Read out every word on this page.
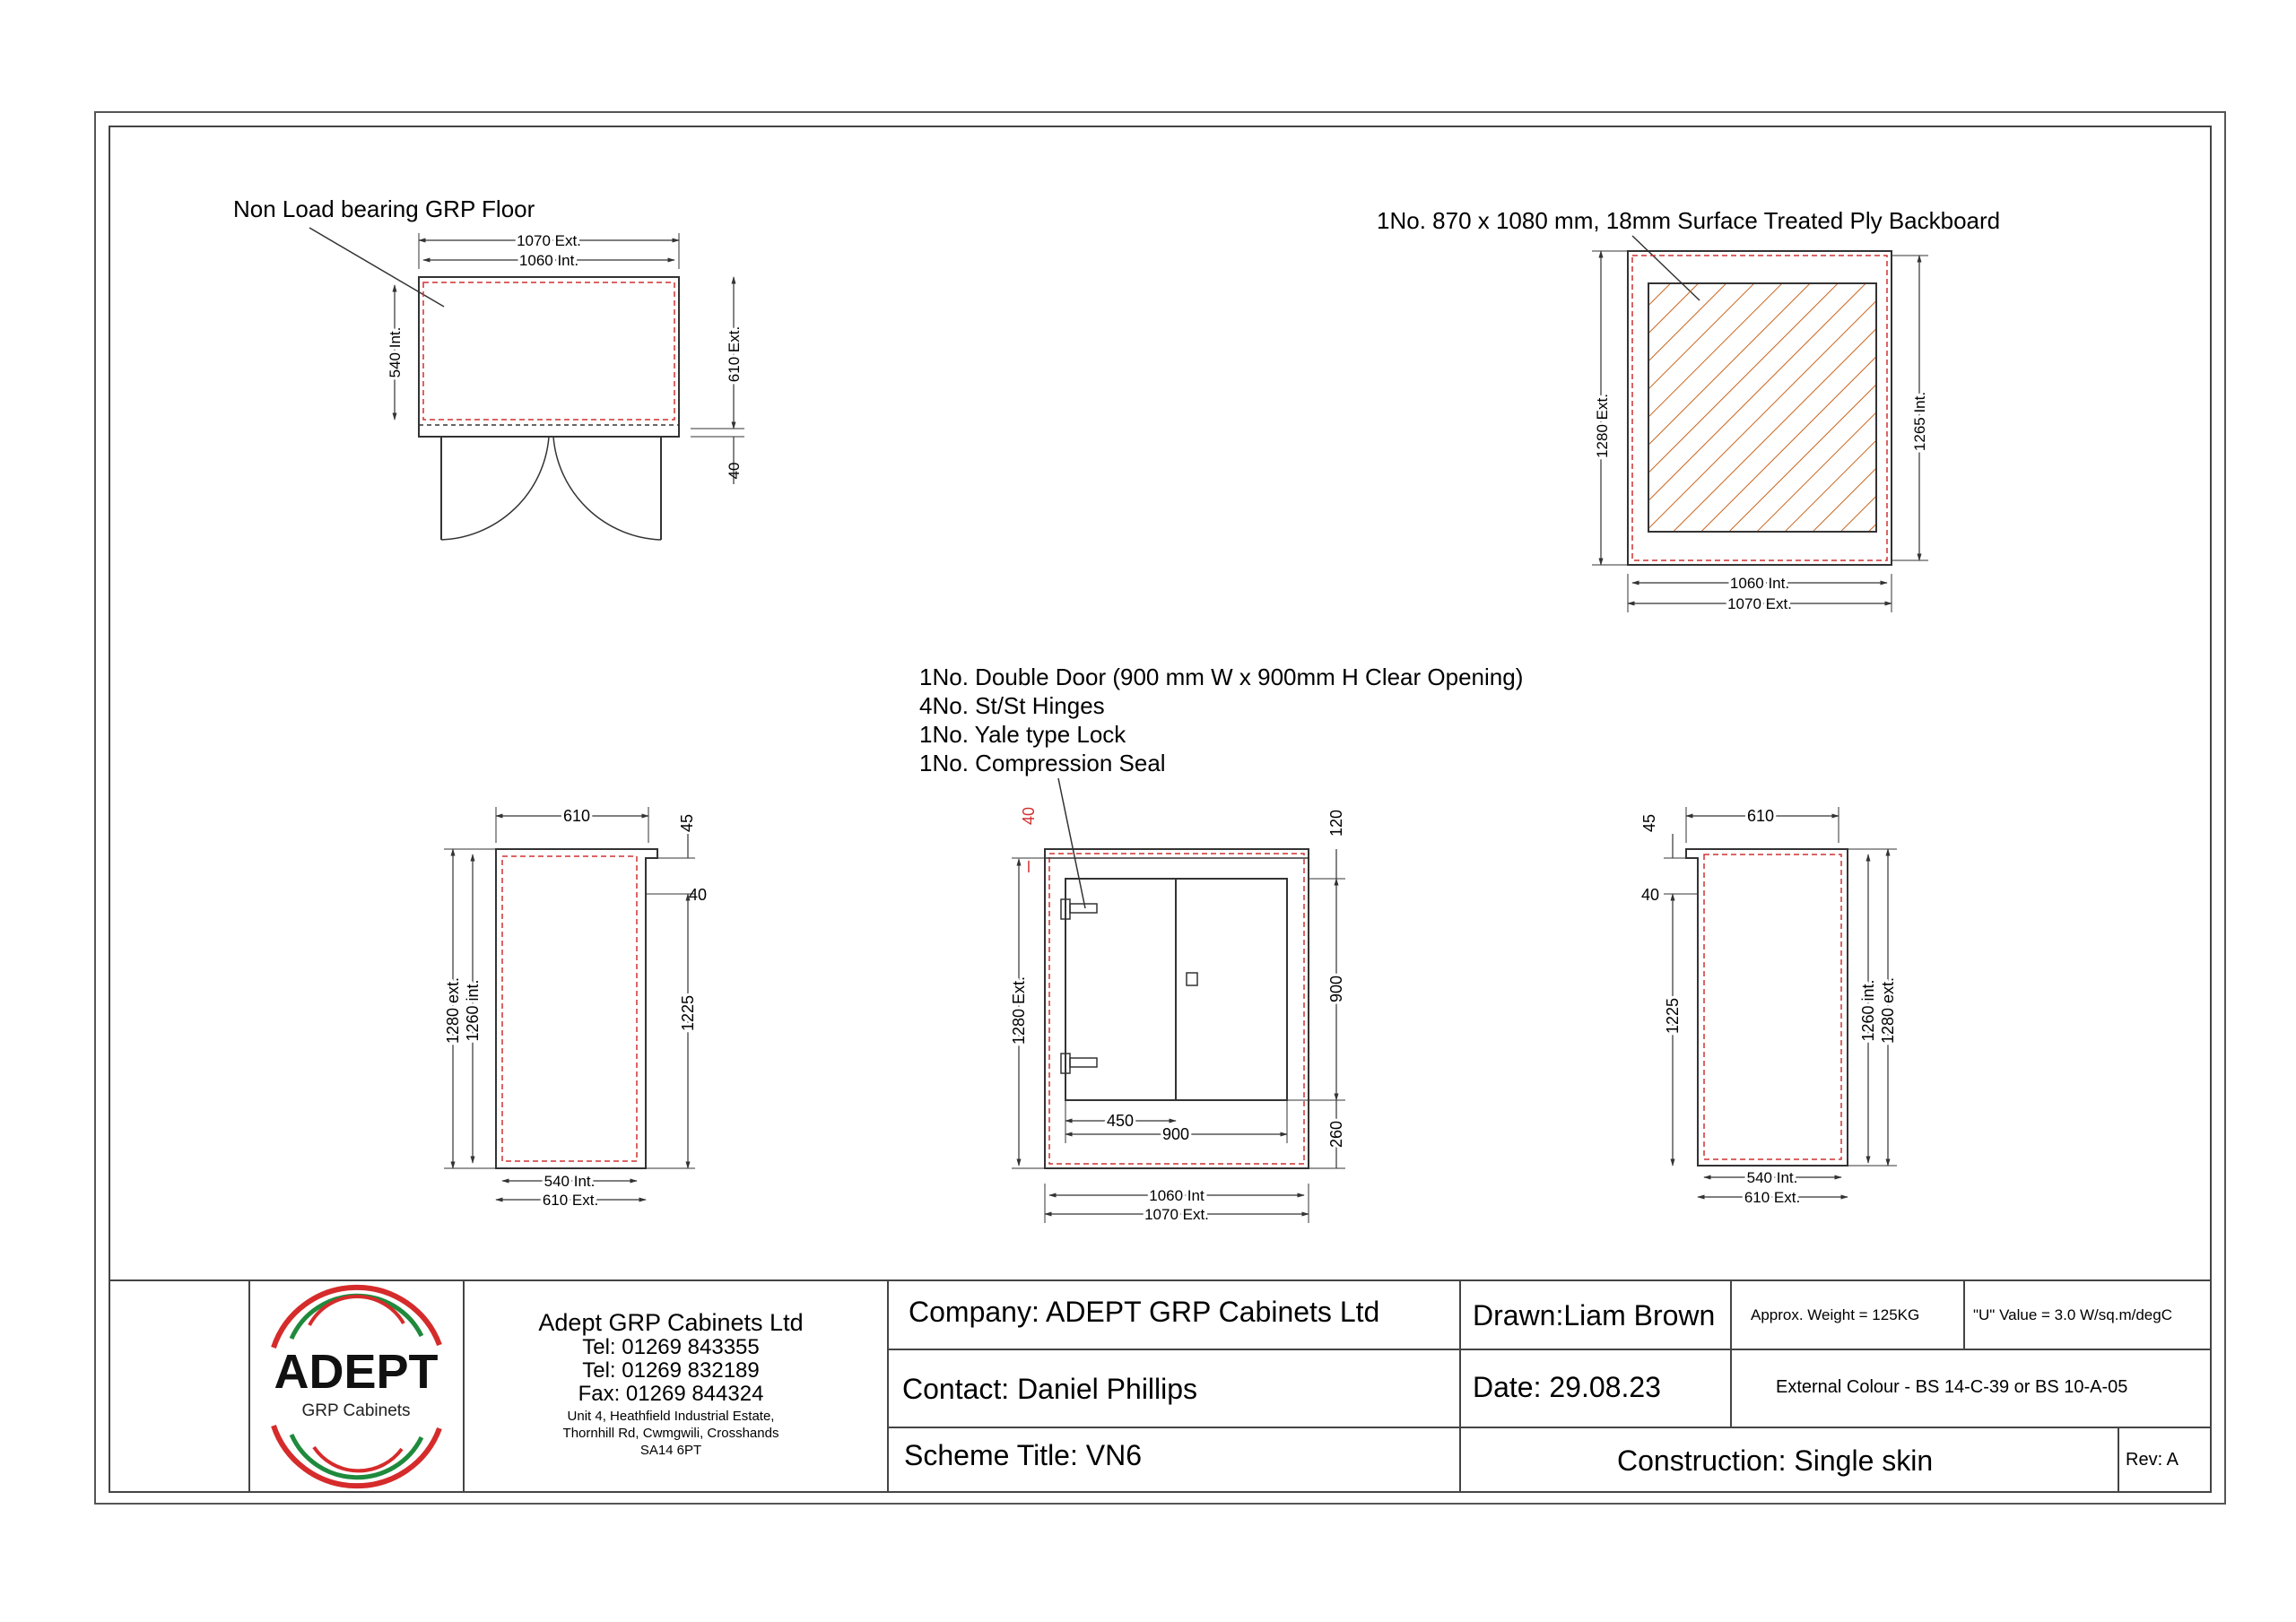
Non Load bearing GRP Floor
1070 Ext.
1060 Int.
540 Int.	610 Ext.
40
1No. 870 x 1080 mm, 18mm Surface Treated Ply Backboard
1280 Ext.	1265 Int.
1060 Int.
1070 Ext.
1No. Double Door (900 mm W x 900mm H Clear Opening)
4No. St/St Hinges
1No. Yale type Lock
1No. Compression Seal
610	45
40
1280 ext. 1260 int.	1225
540 Int.
610 Ext.
40	120
900
1280 Ext.
260
450
900
1060 Int
1070 Ext.
610
45
40
1225	1260 int. 1280 ext.
540 Int.
610 Ext.
ADEPT
GRP Cabinets
Adept GRP Cabinets Ltd
Tel: 01269 843355
Tel: 01269 832189
Fax: 01269 844324
Unit 4, Heathfield Industrial Estate,
Thornhill Rd, Cwmgwili, Crosshands
SA14 6PT
Company: ADEPT GRP Cabinets Ltd	Drawn:Liam Brown Approx. Weight = 125KG	"U" Value = 3.0 W/sq.m/degC
Contact: Daniel Phillips	Date: 29.08.23	External Colour - BS 14-C-39 or BS 10-A-05
Scheme Title: VN6	Construction: Single skin	Rev: A
